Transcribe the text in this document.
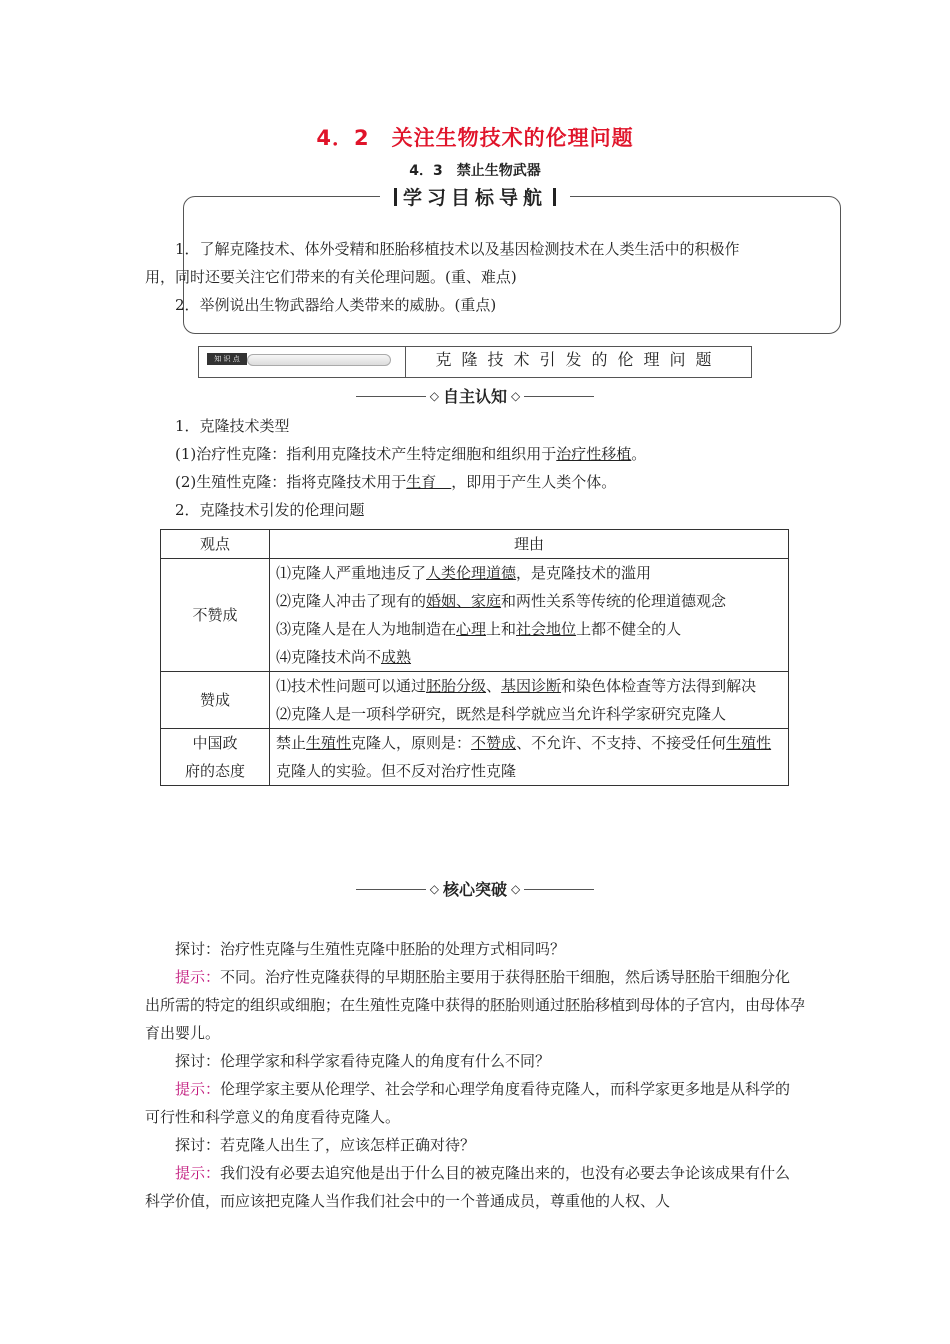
4．2　关注生物技术的伦理问题
4．3　禁止生物武器
学习目标导航
1．了解克隆技术、体外受精和胚胎移植技术以及基因检测技术在人类生活中的积极作
用，同时还要关注它们带来的有关伦理问题。(重、难点)
2．举例说出生物武器给人类带来的威胁。(重点)
知 识 点	克隆技术引发的伦理问题
◇ 自主认知 ◇
1．克隆技术类型
(1)治疗性克隆：指利用克隆技术产生特定细胞和组织用于治疗性移植。
(2)生殖性克隆：指将克隆技术用于生育　，即用于产生人类个体。
2．克隆技术引发的伦理问题
观点	理由
不赞成	⑴克隆人严重地违反了人类伦理道德，是克隆技术的滥用
⑵克隆人冲击了现有的婚姻、家庭和两性关系等传统的伦理道德观念
⑶克隆人是在人为地制造在心理上和社会地位上都不健全的人
⑷克隆技术尚不成熟

赞成	⑴技术性问题可以通过胚胎分级、基因诊断和染色体检查等方法得到解决
⑵克隆人是一项科学研究，既然是科学就应当允许科学家研究克隆人

中国政
府的态度	禁止生殖性克隆人，原则是：不赞成、不允许、不支持、不接受任何生殖性克隆人的实验。但不反对治疗性克隆
◇ 核心突破 ◇
探讨：治疗性克隆与生殖性克隆中胚胎的处理方式相同吗？
提示：不同。治疗性克隆获得的早期胚胎主要用于获得胚胎干细胞，然后诱导胚胎干细胞分化出所需的特定的组织或细胞；在生殖性克隆中获得的胚胎则通过胚胎移植到母体的子宫内，由母体孕育出婴儿。
探讨：伦理学家和科学家看待克隆人的角度有什么不同？
提示：伦理学家主要从伦理学、社会学和心理学角度看待克隆人，而科学家更多地是从科学的可行性和科学意义的角度看待克隆人。
探讨：若克隆人出生了，应该怎样正确对待？
提示：我们没有必要去追究他是出于什么目的被克隆出来的，也没有必要去争论该成果有什么科学价值，而应该把克隆人当作我们社会中的一个普通成员，尊重他的人权、人
